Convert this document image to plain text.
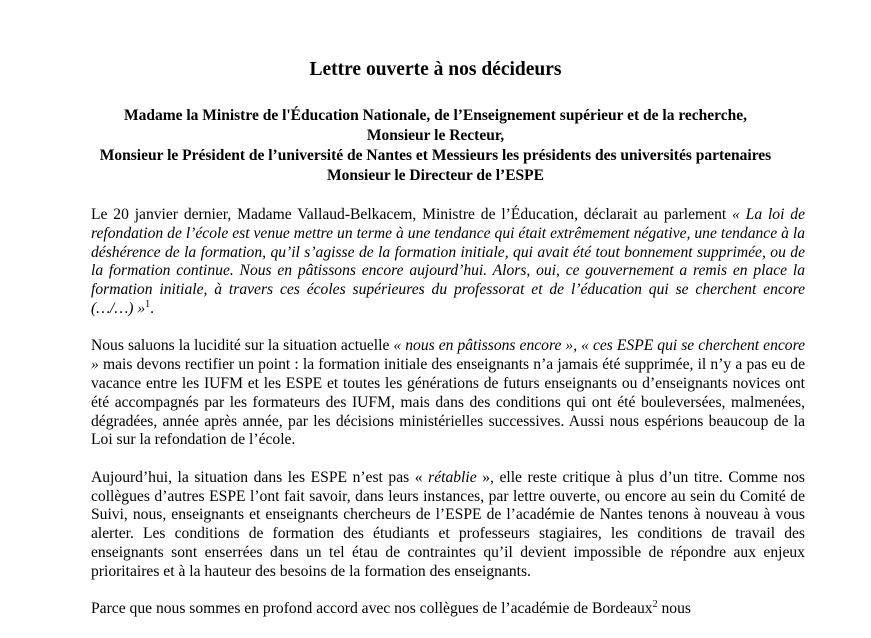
Lettre ouverte à nos décideurs
Madame la Ministre de l'Éducation Nationale, de l’Enseignement supérieur et de la recherche,
Monsieur le Recteur,
Monsieur le Président de l’université de Nantes et Messieurs les présidents des universités partenaires
Monsieur le Directeur de l’ESPE

Le 20 janvier dernier, Madame Vallaud-Belkacem, Ministre de l’Éducation, déclarait au parlement « La loi de refondation de l’école est venue mettre un terme à une tendance qui était extrêmement négative, une tendance à la déshérence de la formation, qu’il s’agisse de la formation initiale, qui avait été tout bonnement supprimée, ou de la formation continue. Nous en pâtissons encore aujourd’hui. Alors, oui, ce gouvernement a remis en place la formation initiale, à travers ces écoles supérieures du professorat et de l’éducation qui se cherchent encore (…/…) »$^1$.

Nous saluons la lucidité sur la situation actuelle « nous en pâtissons encore », « ces ESPE qui se cherchent encore » mais devons rectifier un point : la formation initiale des enseignants n’a jamais été supprimée, il n’y a pas eu de vacance entre les IUFM et les ESPE et toutes les générations de futurs enseignants ou d’enseignants novices ont été accompagnés par les formateurs des IUFM, mais dans des conditions qui ont été bouleversées, malmenées, dégradées, année après année, par les décisions ministérielles successives. Aussi nous espérions beaucoup de la Loi sur la refondation de l’école.

Aujourd’hui, la situation dans les ESPE n’est pas « rétablie », elle reste critique à plus d’un titre. Comme nos collègues d’autres ESPE l’ont fait savoir, dans leurs instances, par lettre ouverte, ou encore au sein du Comité de Suivi, nous, enseignants et enseignants chercheurs de l’ESPE de l’académie de Nantes tenons à nouveau à vous alerter. Les conditions de formation des étudiants et professeurs stagiaires, les conditions de travail des enseignants sont enserrées dans un tel étau de contraintes qu’il devient impossible de répondre aux enjeux prioritaires et à la hauteur des besoins de la formation des enseignants.

Parce que nous sommes en profond accord avec nos collègues de l’académie de Bordeaux$^2$ nous
